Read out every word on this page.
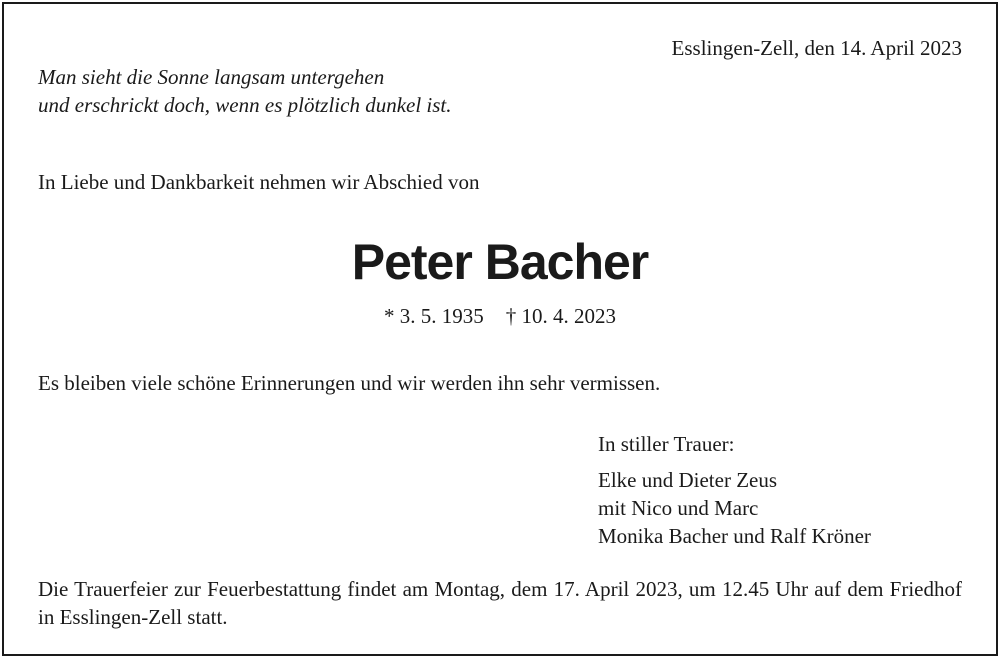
Esslingen-Zell, den 14. April 2023
Man sieht die Sonne langsam untergehen
und erschrickt doch, wenn es plötzlich dunkel ist.
In Liebe und Dankbarkeit nehmen wir Abschied von
Peter Bacher
* 3. 5. 1935 † 10. 4. 2023
Es bleiben viele schöne Erinnerungen und wir werden ihn sehr vermissen.
In stiller Trauer:
Elke und Dieter Zeus
mit Nico und Marc
Monika Bacher und Ralf Kröner
Die Trauerfeier zur Feuerbestattung findet am Montag, dem 17. April 2023, um 12.45 Uhr auf dem Friedhof in Esslingen-Zell statt.
